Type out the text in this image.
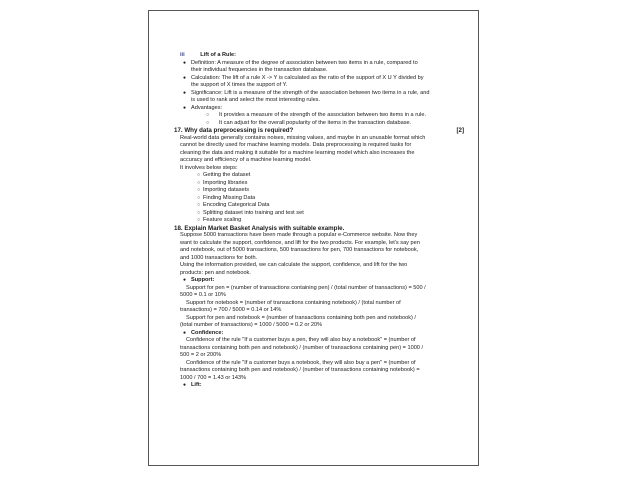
iii	Lift of a Rule:
● Definition: A measure of the degree of association between two items in a rule, compared to
their individual frequencies in the transaction database.
● Calculation: The lift of a rule X -> Y is calculated as the ratio of the support of X U Y divided by
the support of X times the support of Y.
● Significance: Lift is a measure of the strength of the association between two items in a rule, and
is used to rank and select the most interesting rules.
● Advantages:
○ It provides a measure of the strength of the association between two items in a rule.
○ It can adjust for the overall popularity of the items in the transaction database.
17. Why data preprocessing is required?	[2]
Real-world data generally contains noises, missing values, and maybe in an unusable format which
cannot be directly used for machine learning models. Data preprocessing is required tasks for
cleaning the data and making it suitable for a machine learning model which also increases the
accuracy and efficiency of a machine learning model.
It involves below steps:
○ Getting the dataset
○ Importing libraries
○ Importing datasets
○ Finding Missing Data
○ Encoding Categorical Data
○ Splitting dataset into training and test set
○ Feature scaling
18. Explain Market Basket Analysis with suitable example.
Suppose 5000 transactions have been made through a popular e-Commerce website. Now they
want to calculate the support, confidence, and lift for the two products. For example, let's say pen
and notebook, out of 5000 transactions, 500 transactions for pen, 700 transactions for notebook,
and 1000 transactions for both.
Using the information provided, we can calculate the support, confidence, and lift for the two
products: pen and notebook.
● Support:
Support for pen = (number of transactions containing pen) / (total number of transactions) = 500 /
5000 = 0.1 or 10%
Support for notebook = (number of transactions containing notebook) / (total number of
transactions) = 700 / 5000 = 0.14 or 14%
Support for pen and notebook = (number of transactions containing both pen and notebook) /
(total number of transactions) = 1000 / 5000 = 0.2 or 20%
● Confidence:
Confidence of the rule "If a customer buys a pen, they will also buy a notebook" = (number of
transactions containing both pen and notebook) / (number of transactions containing pen) = 1000 /
500 = 2 or 200%
Confidence of the rule "If a customer buys a notebook, they will also buy a pen" = (number of
transactions containing both pen and notebook) / (number of transactions containing notebook) =
1000 / 700 = 1.43 or 143%
● Lift:
